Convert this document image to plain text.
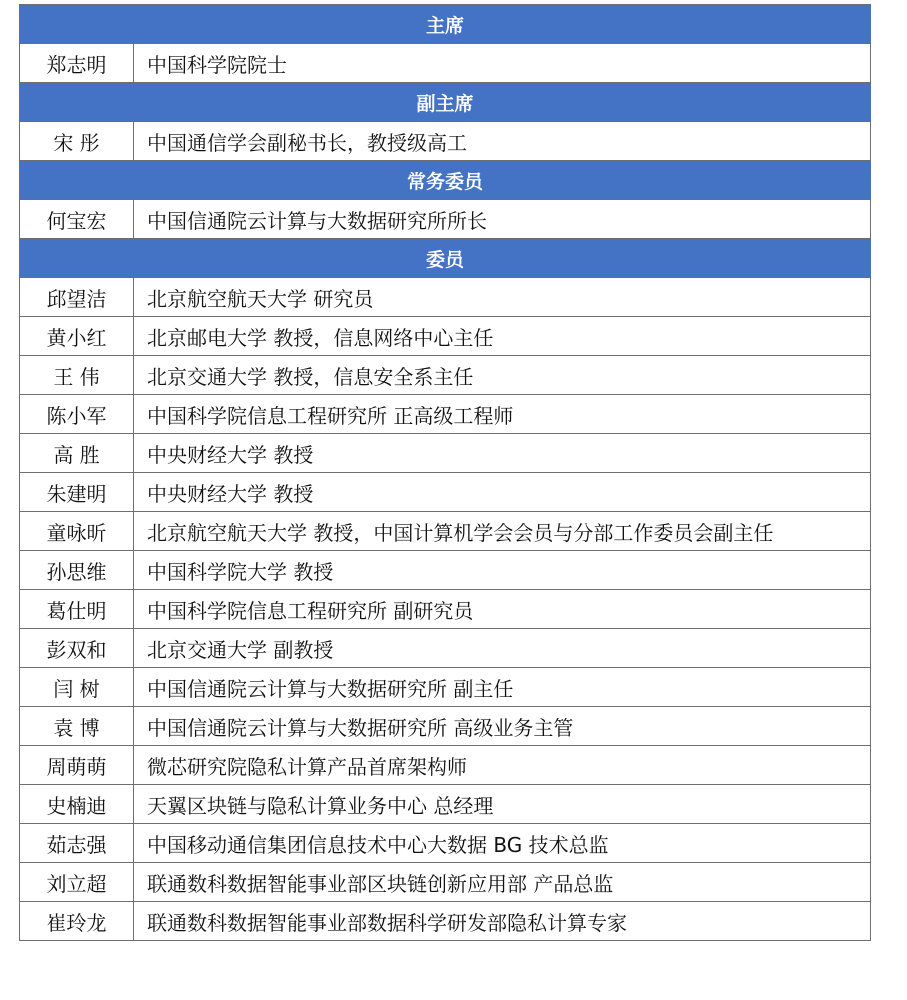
主席	
郑志明	中国科学院院士
副主席	
宋 彤	中国通信学会副秘书长，教授级高工
常务委员	
何宝宏	中国信通院云计算与大数据研究所所长
委员	
邱望洁	北京航空航天大学 研究员
黄小红	北京邮电大学 教授，信息网络中心主任
王 伟	北京交通大学 教授，信息安全系主任
陈小军	中国科学院信息工程研究所 正高级工程师
高 胜	中央财经大学 教授
朱建明	中央财经大学 教授
童咏昕	北京航空航天大学 教授，中国计算机学会会员与分部工作委员会副主任
孙思维	中国科学院大学 教授
葛仕明	中国科学院信息工程研究所 副研究员
彭双和	北京交通大学 副教授
闫 树	中国信通院云计算与大数据研究所 副主任
袁 博	中国信通院云计算与大数据研究所 高级业务主管
周萌萌	微芯研究院隐私计算产品首席架构师
史楠迪	天翼区块链与隐私计算业务中心 总经理
茹志强	中国移动通信集团信息技术中心大数据 BG 技术总监
刘立超	联通数科数据智能事业部区块链创新应用部 产品总监
崔玲龙	联通数科数据智能事业部数据科学研发部隐私计算专家
